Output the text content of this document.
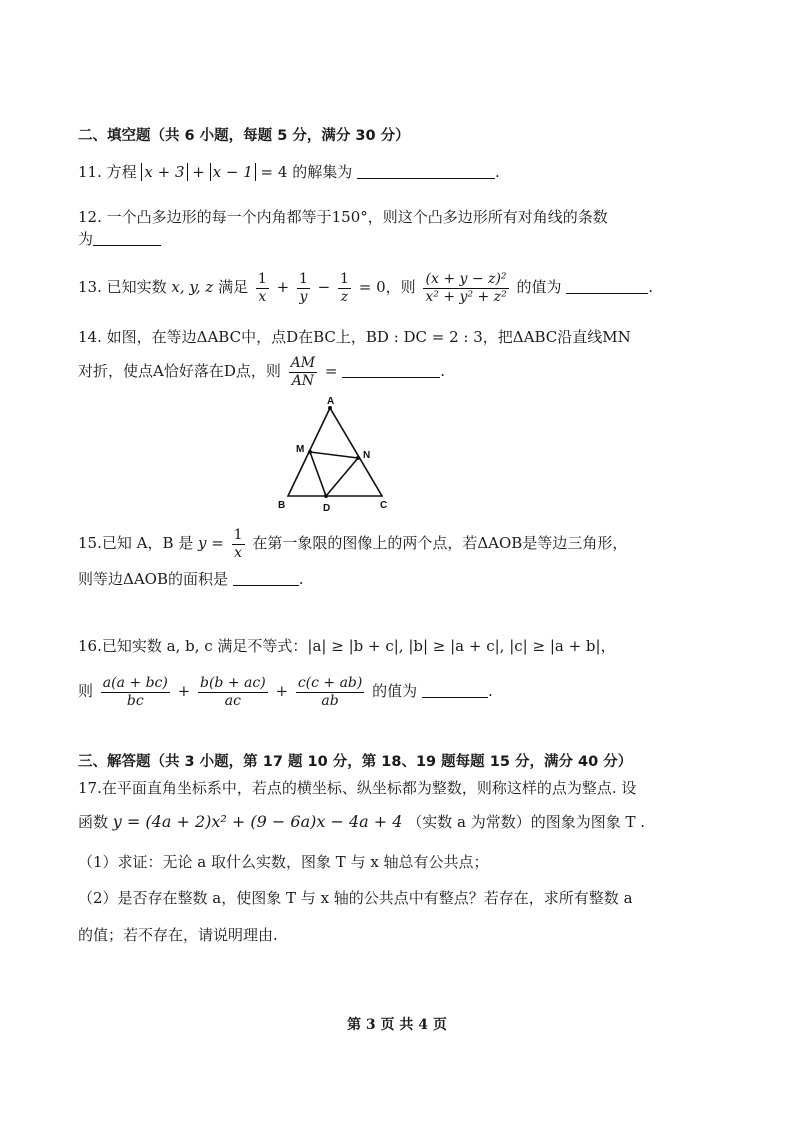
二、填空题（共 6 小题，每题 5 分，满分 30 分）
11. 方程 x + 3 + x − 1 = 4 的解集为	.
12. 一个凸多边形的每一个内角都等于150°，则这个凸多边形所有对角线的条数
为
13. 已知实数 x, y, z 满足 $\frac{1}{x} + \frac{1}{y} - \frac{1}{z} = 0$，则 $\frac{\text{(x + y − z)²}}{\text{x² + y² + z²}}$ 的值为	.
14. 如图，在等边ΔABC中，点D在BC上，BD : DC = 2 : 3，把ΔABC沿直线MN
对折，使点A恰好落在D点，则 $\frac{AM}{AN}$ =	.
A
B	C
D
M
N
15.已知 A，B 是 $y = \frac{1}{x}$ 在第一象限的图像上的两个点，若ΔAOB是等边三角形，
则等边ΔAOB的面积是	.
16.已知实数 a, b, c 满足不等式：|a| ≥ |b + c|, |b| ≥ |a + c|, |c| ≥ |a + b|，
则 $\frac{a(a + bc)}{bc} + \frac{b(b + ac)}{ac} + \frac{c(c + ab)}{ab}$ 的值为	.
三、解答题（共 3 小题，第 17 题 10 分，第 18、19 题每题 15 分，满分 40 分）
17.在平面直角坐标系中，若点的横坐标、纵坐标都为整数，则称这样的点为整点. 设
函数 y = (4a + 2)x² + (9 − 6a)x − 4a + 4 （实数 a 为常数）的图象为图象 T .
（1）求证：无论 a 取什么实数，图象 T 与 x 轴总有公共点；
（2）是否存在整数 a，使图象 T 与 x 轴的公共点中有整点？若存在，求所有整数 a
的值；若不存在，请说明理由.
第 3 页 共 4 页
